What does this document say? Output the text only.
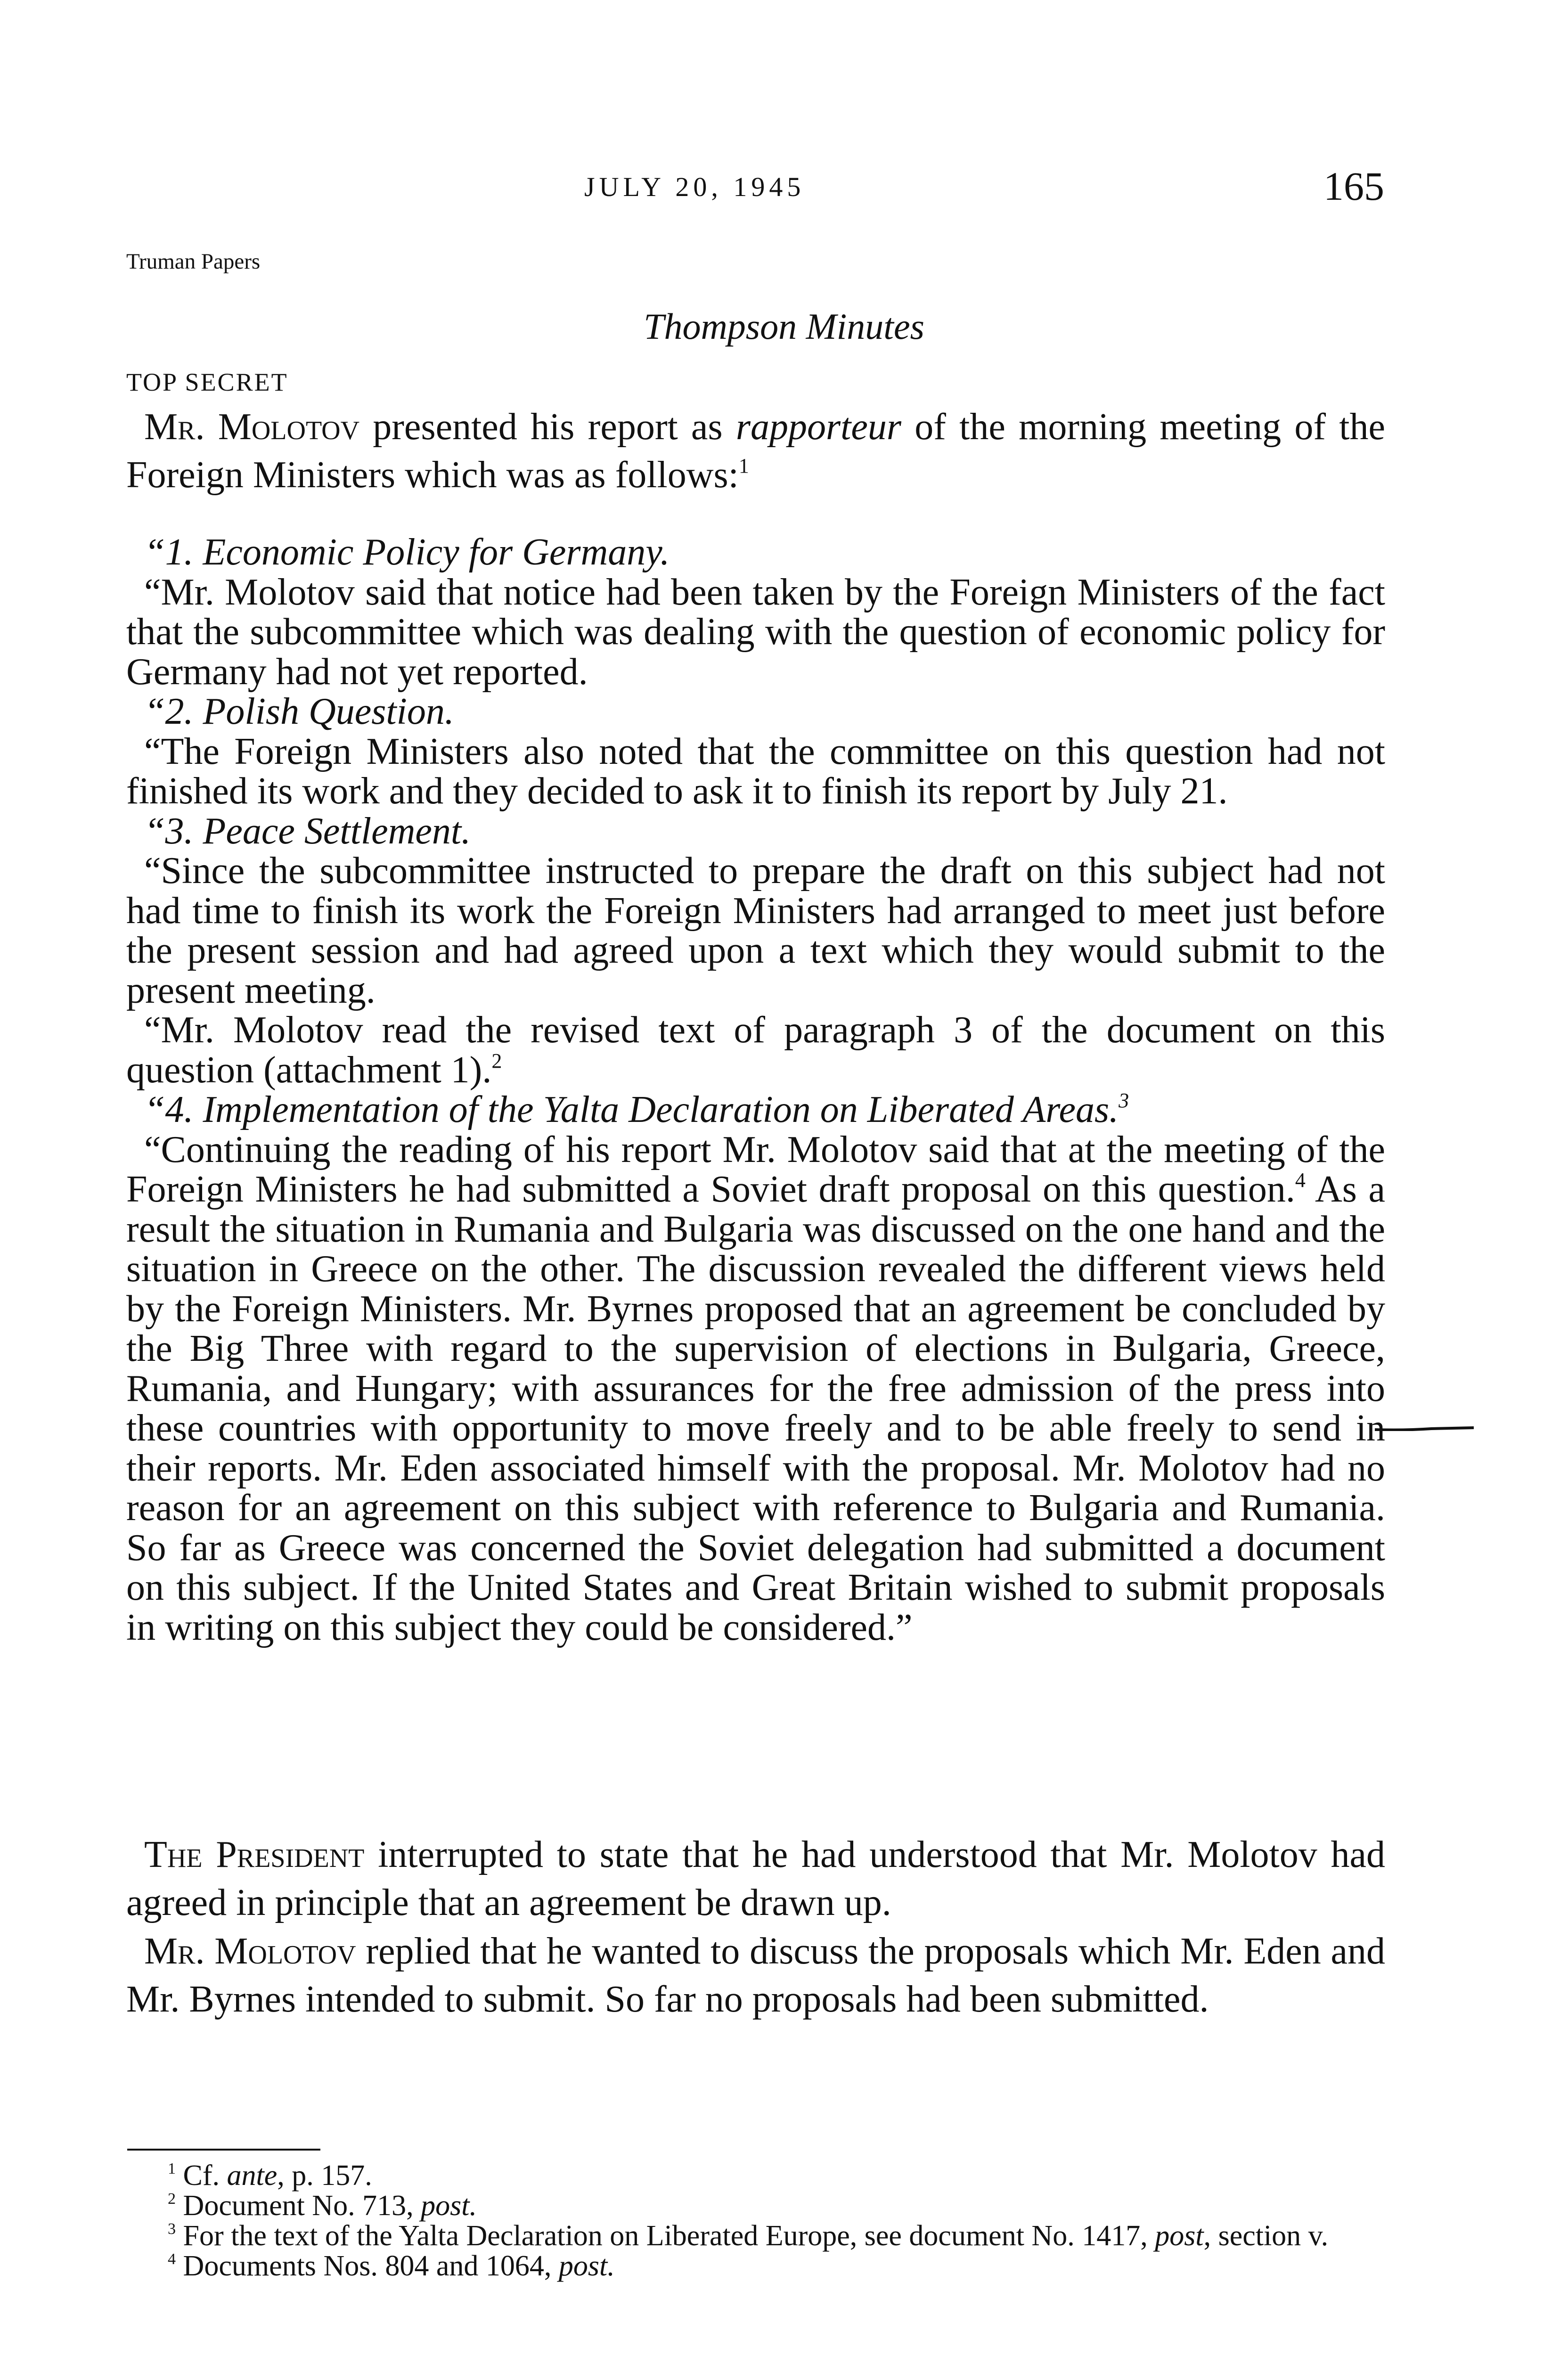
JULY 20, 1945	165
Truman Papers
Thompson Minutes
TOP SECRET

Mr. Molotov presented his report as rapporteur of the morning meeting of the Foreign Ministers which was as follows:$^1$

“1. Economic Policy for Germany.

“Mr. Molotov said that notice had been taken by the Foreign Ministers of the fact that the subcommittee which was dealing with the question of economic policy for Germany had not yet reported.

“2. Polish Question.

“The Foreign Ministers also noted that the committee on this question had not finished its work and they decided to ask it to finish its report by July 21.

“3. Peace Settlement.

“Since the subcommittee instructed to prepare the draft on this subject had not had time to finish its work the Foreign Ministers had arranged to meet just before the present session and had agreed upon a text which they would submit to the present meeting.

“Mr. Molotov read the revised text of paragraph 3 of the document on this question (attachment 1).$^2$

“4. Implementation of the Yalta Declaration on Liberated Areas.$^3$

“Continuing the reading of his report Mr. Molotov said that at the meeting of the Foreign Ministers he had submitted a Soviet draft proposal on this question.$^4$ As a result the situation in Rumania and Bulgaria was discussed on the one hand and the situation in Greece on the other. The discussion revealed the different views held by the Foreign Ministers. Mr. Byrnes proposed that an agreement be concluded by the Big Three with regard to the supervision of elections in Bulgaria, Greece, Rumania, and Hungary; with assurances for the free admission of the press into these countries with opportunity to move freely and to be able freely to send in their reports. Mr. Eden associated himself with the proposal. Mr. Molotov had no reason for an agreement on this subject with reference to Bulgaria and Rumania. So far as Greece was concerned the Soviet delegation had submitted a document on this subject. If the United States and Great Britain wished to submit proposals in writing on this subject they could be considered.”

The President interrupted to state that he had understood that Mr. Molotov had agreed in principle that an agreement be drawn up.

Mr. Molotov replied that he wanted to discuss the proposals which Mr. Eden and Mr. Byrnes intended to submit. So far no proposals had been submitted.

$^1$ Cf. ante, p. 157.

$^2$ Document No. 713, post.

$^3$ For the text of the Yalta Declaration on Liberated Europe, see document No. 1417, post, section v.

$^4$ Documents Nos. 804 and 1064, post.
